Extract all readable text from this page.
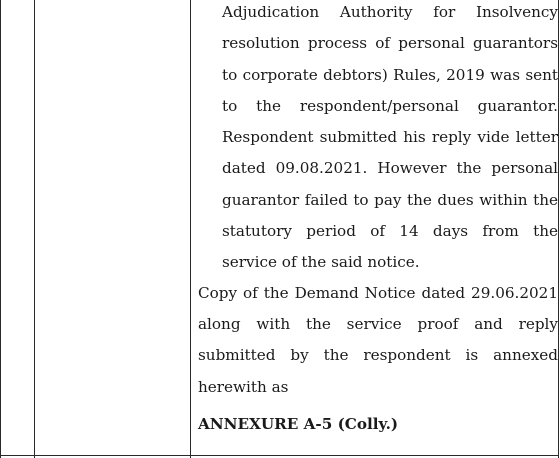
Adjudication Authority for Insolvency resolution process of personal guarantors to corporate debtors) Rules, 2019 was sent to the respondent/personal guarantor. Respondent submitted his reply vide letter dated 09.08.2021. However the personal guarantor failed to pay the dues within the statutory period of 14 days from the service of the said notice.

Copy of the Demand Notice dated 29.06.2021 along with the service proof and reply submitted by the respondent is annexed herewith as

ANNEXURE A-5 (Colly.)
